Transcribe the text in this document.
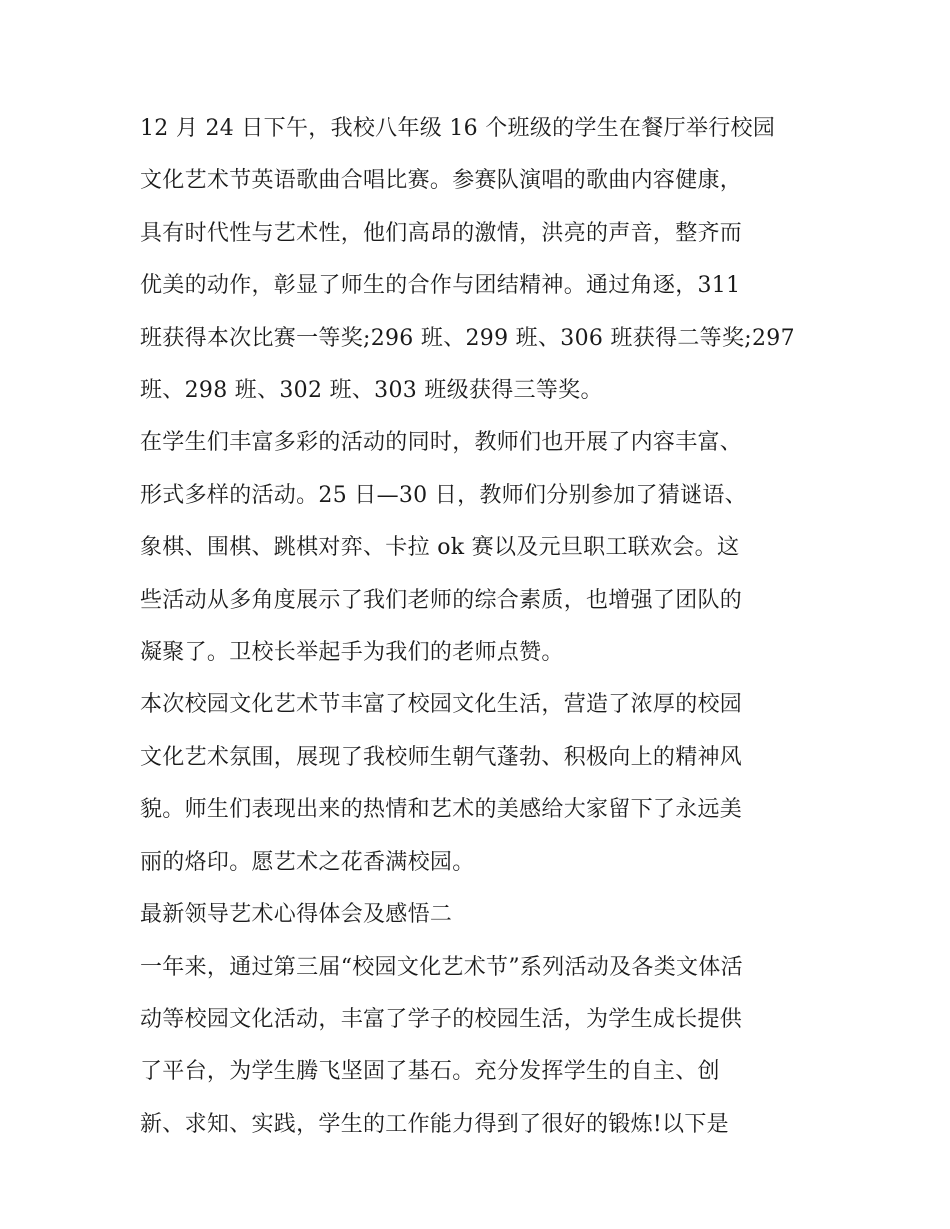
12 月 24 日下午，我校八年级 16 个班级的学生在餐厅举行校园
文化艺术节英语歌曲合唱比赛。参赛队演唱的歌曲内容健康，
具有时代性与艺术性，他们高昂的激情，洪亮的声音，整齐而
优美的动作，彰显了师生的合作与团结精神。通过角逐，311
班获得本次比赛一等奖;296 班、299 班、306 班获得二等奖;297
班、298 班、302 班、303 班级获得三等奖。

在学生们丰富多彩的活动的同时，教师们也开展了内容丰富、
形式多样的活动。25 日—30 日，教师们分别参加了猜谜语、
象棋、围棋、跳棋对弈、卡拉 ok 赛以及元旦职工联欢会。这
些活动从多角度展示了我们老师的综合素质，也增强了团队的
凝聚了。卫校长举起手为我们的老师点赞。

本次校园文化艺术节丰富了校园文化生活，营造了浓厚的校园
文化艺术氛围，展现了我校师生朝气蓬勃、积极向上的精神风
貌。师生们表现出来的热情和艺术的美感给大家留下了永远美
丽的烙印。愿艺术之花香满校园。

最新领导艺术心得体会及感悟二

一年来，通过第三届“校园文化艺术节”系列活动及各类文体活
动等校园文化活动，丰富了学子的校园生活，为学生成长提供
了平台，为学生腾飞坚固了基石。充分发挥学生的自主、创
新、求知、实践，学生的工作能力得到了很好的锻炼!以下是
